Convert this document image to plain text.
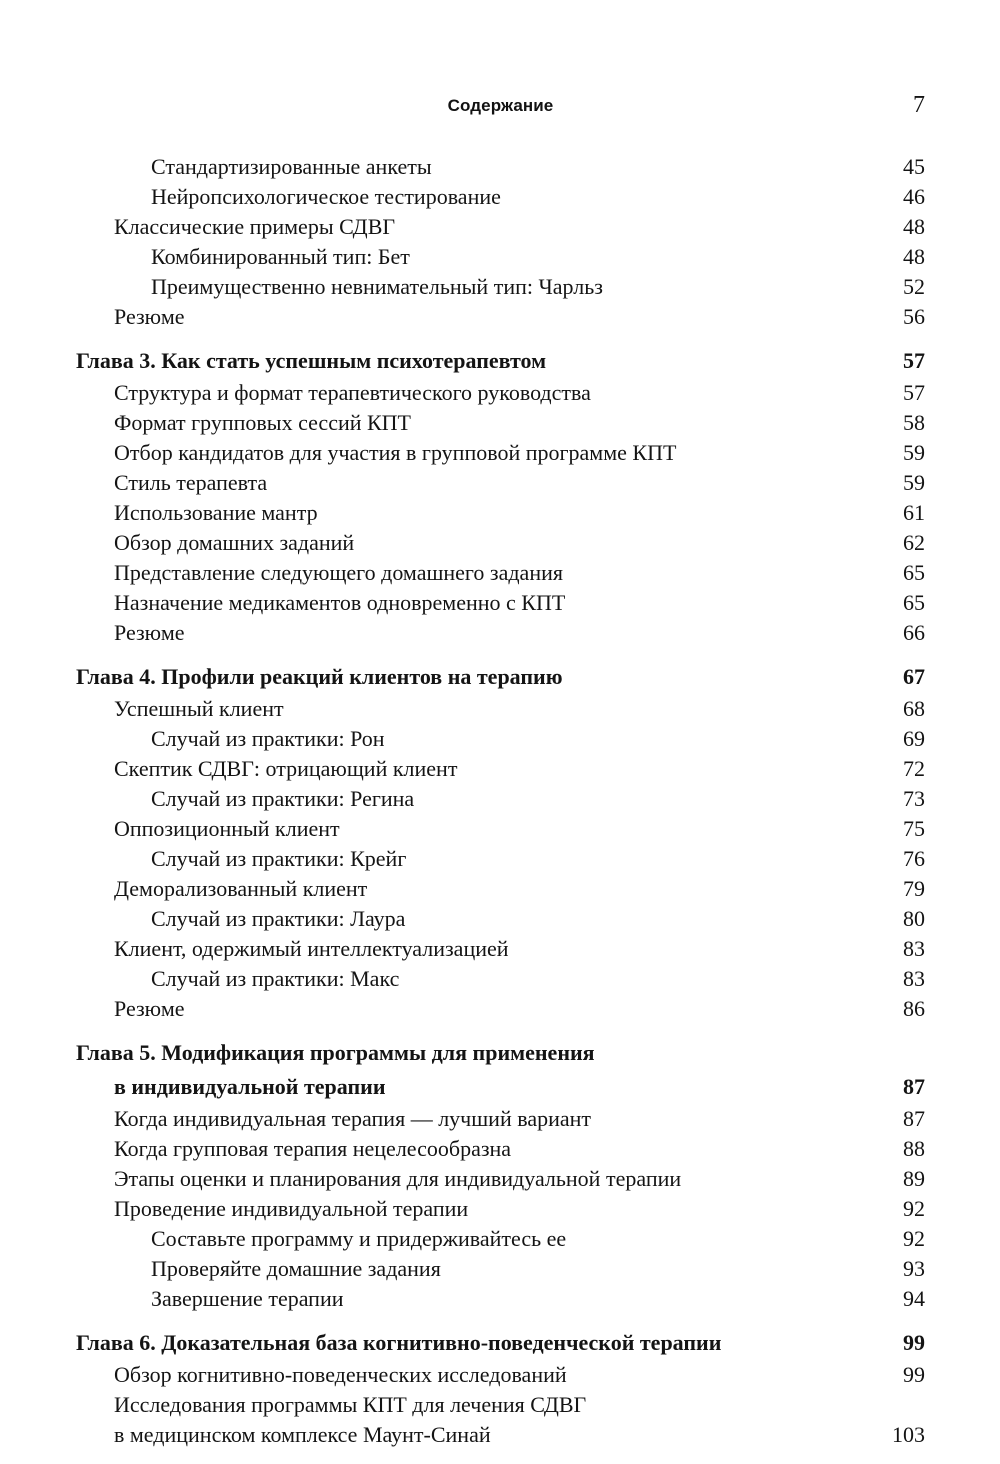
Содержание	7
Стандартизированные анкеты	45
Нейропсихологическое тестирование	46
Классические примеры СДВГ	48
Комбинированный тип: Бет	48
Преимущественно невнимательный тип: Чарльз	52
Резюме	56
Глава 3. Как стать успешным психотерапевтом	57
Структура и формат терапевтического руководства	57
Формат групповых сессий КПТ	58
Отбор кандидатов для участия в групповой программе КПТ	59
Стиль терапевта	59
Использование мантр	61
Обзор домашних заданий	62
Представление следующего домашнего задания	65
Назначение медикаментов одновременно с КПТ	65
Резюме	66
Глава 4. Профили реакций клиентов на терапию	67
Успешный клиент	68
Случай из практики: Рон	69
Скептик СДВГ: отрицающий клиент	72
Случай из практики: Регина	73
Оппозиционный клиент	75
Случай из практики: Крейг	76
Деморализованный клиент	79
Случай из практики: Лаура	80
Клиент, одержимый интеллектуализацией	83
Случай из практики: Макс	83
Резюме	86
Глава 5. Модификация программы для применения
в индивидуальной терапии	87
Когда индивидуальная терапия — лучший вариант	87
Когда групповая терапия нецелесообразна	88
Этапы оценки и планирования для индивидуальной терапии	89
Проведение индивидуальной терапии	92
Составьте программу и придерживайтесь ее	92
Проверяйте домашние задания	93
Завершение терапии	94
Глава 6. Доказательная база когнитивно-поведенческой терапии	99
Обзор когнитивно-поведенческих исследований	99
Исследования программы КПТ для лечения СДВГ
в медицинском комплексе Маунт-Синай	103
